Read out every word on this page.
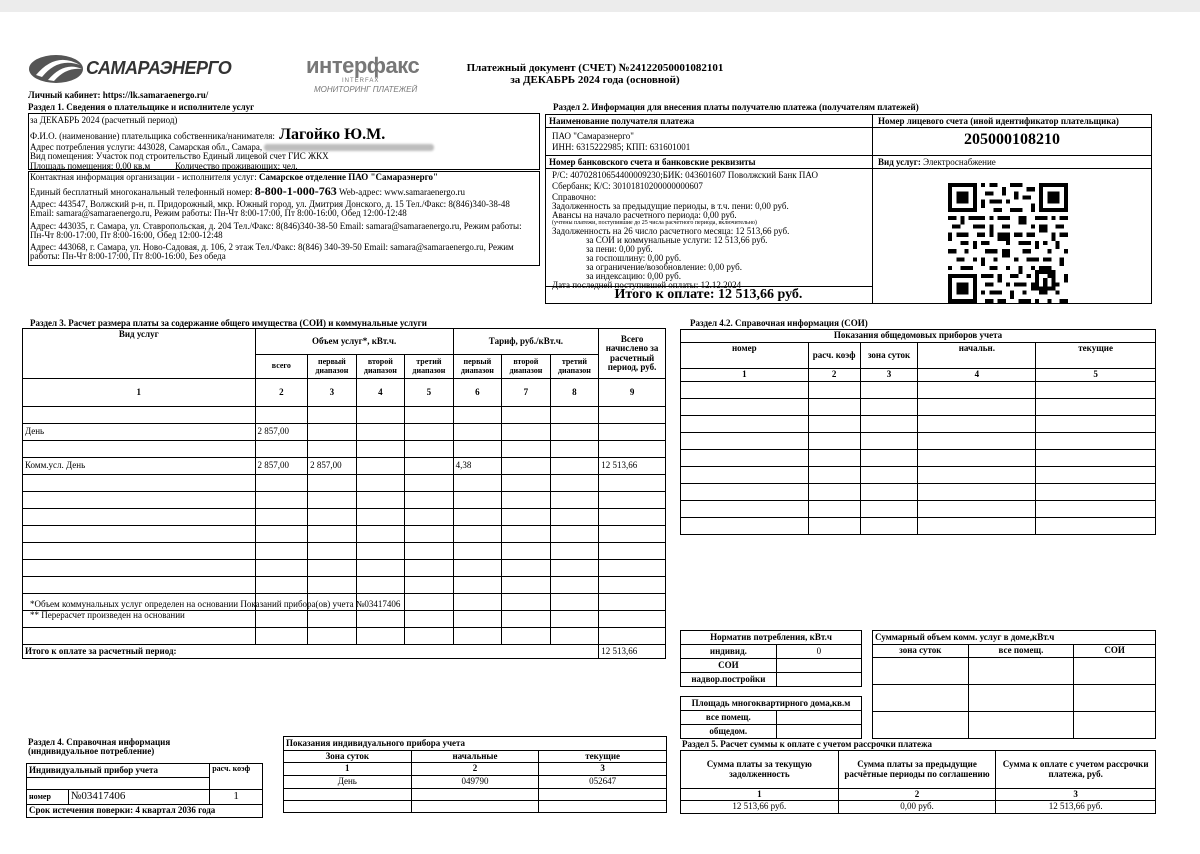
САМАРАЭНЕРГО	интерфакс
INTERFAX
МОНИТОРИНГ ПЛАТЕЖЕЙ
Платежный документ (СЧЕТ) №24122050001082101
за ДЕКАБРЬ 2024 года (основной)
Личный кабинет: https://lk.samaraenergo.ru/
Раздел 1. Сведения о плательщике и исполнителе услуг
за ДЕКАБРЬ 2024 (расчетный период)
Ф.И.О. (наименование) плательщика собственника/нанимателя: Лагойко Ю.М.
Адрес потребления услуги: 443028, Самарская обл., Самара,
Вид помещения: Участок под строительство Единый лицевой счет ГИС ЖКХ
Площадь помещения: 0,00 кв.м	Количество проживающих: чел.
Контактная информация организации - исполнителя услуг: Самарское отделение ПАО "Самараэнерго"
Единый бесплатный многоканальный телефонный номер: 8-800-1-000-763 Web-адрес: www.samaraenergo.ru
Адрес: 443547, Волжский р-н, п. Придорожный, мкр. Южный город, ул. Дмитрия Донского, д. 15 Тел./Факс: 8(846)340-38-48 Email: samara@samaraenergo.ru, Режим работы: Пн-Чт 8:00-17:00, Пт 8:00-16:00, Обед 12:00-12:48
Адрес: 443035, г. Самара, ул. Ставропольская, д. 204 Тел./Факс: 8(846)340-38-50 Email: samara@samaraenergo.ru, Режим работы: Пн-Чт 8:00-17:00, Пт 8:00-16:00, Обед 12:00-12:48
Адрес: 443068, г. Самара, ул. Ново-Садовая, д. 106, 2 этаж Тел./Факс: 8(846) 340-39-50 Email: samara@samaraenergo.ru, Режим работы: Пн-Чт 8:00-17:00, Пт 8:00-16:00, Без обеда
Раздел 2. Информация для внесения платы получателю платежа (получателям платежей)
Наименование получателя платежа	Номер лицевого счета (иной идентификатор плательщика)
ПАО "Самараэнерго"
ИНН: 6315222985; КПП: 631601001	205000108210
Номер банковского счета и банковские реквизиты	Вид услуг: Электроснабжение
Р/С: 40702810654400009230;БИК: 043601607 Поволжский Банк ПАО
Сбербанк; К/С: 30101810200000000607
Справочно:
Задолженность за предыдущие периоды, в т.ч. пени: 0,00 руб.
Авансы на начало расчетного периода: 0,00 руб.
(учтены платежи, поступившие до 25 числа расчетного периода, включительно)
Задолженность на 26 число расчетного месяца: 12 513,66 руб.
за СОИ и коммунальные услуги: 12 513,66 руб.
за пени: 0,00 руб.
за госпошлину: 0,00 руб.
за ограничение/возобновление: 0,00 руб.
за индексацию: 0,00 руб.
Дата последней поступившей оплаты: 12.12.2024
Итого к оплате: 12 513,66 руб.
Раздел 3. Расчет размера платы за содержание общего имущества (СОИ) и коммунальные услуги
Вид услуг	Объем услуг*, кВт.ч.				Тариф, руб./кВт.ч.			Всего начислено за расчетный период, руб.
	всего	первый диапазон	второй диапазон	третий диапазон	первый диапазон	второй диапазон	третий диапазон	
1	2	3	4	5	6	7	8	9

День	2 857,00							

Комм.усл. День	2 857,00	2 857,00			4,38			12 513,66

Итого к оплате за расчетный период:								12 513,66
*Объем коммунальных услуг определен на основании Показаний прибора(ов) учета №03417406
** Перерасчет произведен на основании
Раздел 4.2. Справочная информация (СОИ)
Показания общедомовых приборов учета				
номер	расч. коэф	зона суток	начальн.	текущие
1	2	3	4	5

Норматив потребления, кВт.ч	
индивид.	0
СОИ	
надвор.постройки	
Суммарный объем комм. услуг в доме,кВт.ч		
зона суток	все помещ.	СОИ

Площадь многоквартирного дома,кв.м	
все помещ.	
общедом.	
Раздел 4. Справочная информация (индивидуальное потребление)
Индивидуальный прибор учета		расч. коэф

номер	№03417406	1
Срок истечения поверки: 4 квартал 2036 года		
Показания индивидуального прибора учета		
Зона суток	начальные	текущие
1	2	3
День	049790	052647

Раздел 5. Расчет суммы к оплате с учетом рассрочки платежа
Сумма платы за текущую задолженность	Сумма платы за предыдущие расчётные периоды по соглашению	Сумма к оплате с учетом рассрочки платежа, руб.
1	2	3
12 513,66 руб.	0,00 руб.	12 513,66 руб.
